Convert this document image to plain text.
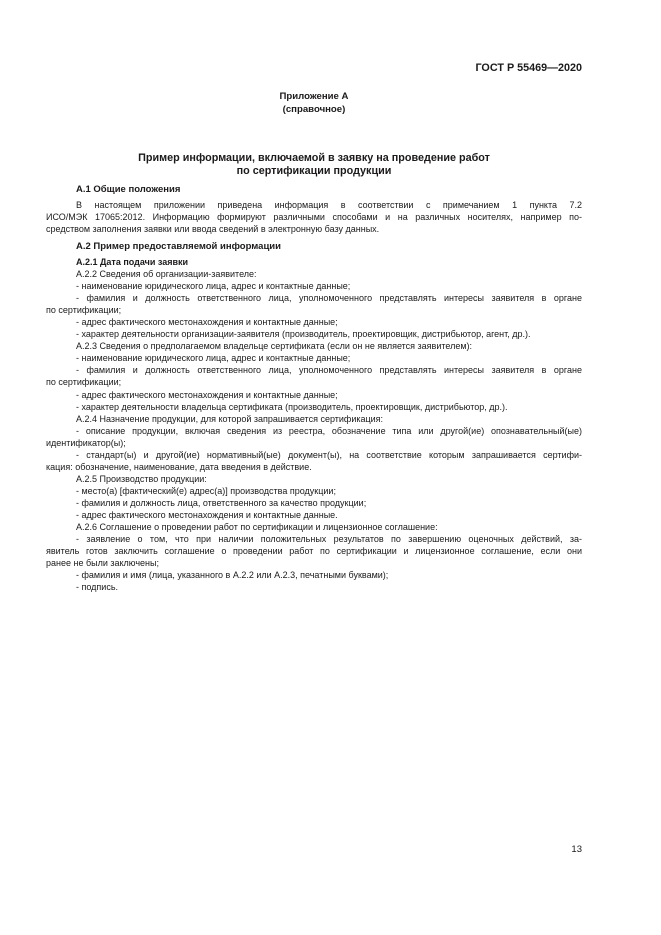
ГОСТ Р 55469—2020
Приложение А
(справочное)
Пример информации, включаемой в заявку на проведение работ
по сертификации продукции
А.1 Общие положения
В настоящем приложении приведена информация в соответствии с примечанием 1 пункта 7.2
ИСО/МЭК 17065:2012. Информацию формируют различными способами и на различных носителях, например по-
средством заполнения заявки или ввода сведений в электронную базу данных.
А.2 Пример предоставляемой информации
А.2.1 Дата подачи заявки
А.2.2 Сведения об организации-заявителе:
- наименование юридического лица, адрес и контактные данные;
- фамилия и должность ответственного лица, уполномоченного представлять интересы заявителя в органе
по сертификации;
- адрес фактического местонахождения и контактные данные;
- характер деятельности организации-заявителя (производитель, проектировщик, дистрибьютор, агент, др.).
А.2.3 Сведения о предполагаемом владельце сертификата (если он не является заявителем):
- наименование юридического лица, адрес и контактные данные;
- фамилия и должность ответственного лица, уполномоченного представлять интересы заявителя в органе
по сертификации;
- адрес фактического местонахождения и контактные данные;
- характер деятельности владельца сертификата (производитель, проектировщик, дистрибьютор, др.).
А.2.4 Назначение продукции, для которой запрашивается сертификация:
- описание продукции, включая сведения из реестра, обозначение типа или другой(ие) опознавательный(ые)
идентификатор(ы);
- стандарт(ы) и другой(ие) нормативный(ые) документ(ы), на соответствие которым запрашивается сертифи-
кация: обозначение, наименование, дата введения в действие.
А.2.5 Производство продукции:
- место(а) [фактический(е) адрес(а)] производства продукции;
- фамилия и должность лица, ответственного за качество продукции;
- адрес фактического местонахождения и контактные данные.
А.2.6 Соглашение о проведении работ по сертификации и лицензионное соглашение:
- заявление о том, что при наличии положительных результатов по завершению оценочных действий, за-
явитель готов заключить соглашение о проведении работ по сертификации и лицензионное соглашение, если они
ранее не были заключены;
- фамилия и имя (лица, указанного в А.2.2 или А.2.3, печатными буквами);
- подпись.
13
